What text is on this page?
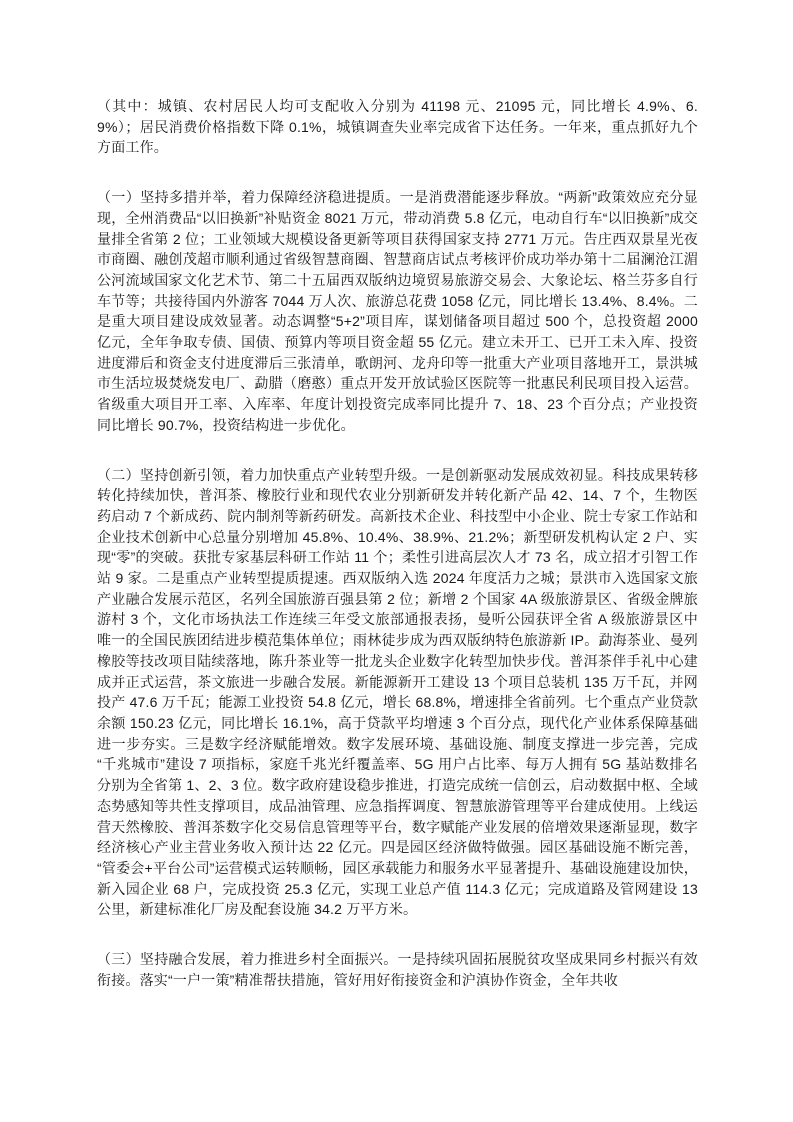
（其中：城镇、农村居民人均可支配收入分别为 41198 元、21095 元，同比增长 4.9%、6.9%）；居民消费价格指数下降 0.1%，城镇调查失业率完成省下达任务。一年来，重点抓好九个方面工作。

（一）坚持多措并举，着力保障经济稳进提质。一是消费潜能逐步释放。“两新”政策效应充分显现，全州消费品“以旧换新”补贴资金 8021 万元，带动消费 5.8 亿元，电动自行车“以旧换新”成交量排全省第 2 位；工业领域大规模设备更新等项目获得国家支持 2771 万元。告庄西双景星光夜市商圈、融创茂超市顺利通过省级智慧商圈、智慧商店试点考核评价成功举办第十二届澜沧江湄公河流域国家文化艺术节、第二十五届西双版纳边境贸易旅游交易会、大象论坛、格兰芬多自行车节等；共接待国内外游客 7044 万人次、旅游总花费 1058 亿元，同比增长 13.4%、8.4%。二是重大项目建设成效显著。动态调整“5+2”项目库，谋划储备项目超过 500 个，总投资超 2000 亿元，全年争取专债、国债、预算内等项目资金超 55 亿元。建立未开工、已开工未入库、投资进度滞后和资金支付进度滞后三张清单，歌朗河、龙舟印等一批重大产业项目落地开工，景洪城市生活垃圾焚烧发电厂、勐腊（磨憨）重点开发开放试验区医院等一批惠民利民项目投入运营。省级重大项目开工率、入库率、年度计划投资完成率同比提升 7、18、23 个百分点；产业投资同比增长 90.7%，投资结构进一步优化。

（二）坚持创新引领，着力加快重点产业转型升级。一是创新驱动发展成效初显。科技成果转移转化持续加快，普洱茶、橡胶行业和现代农业分别新研发并转化新产品 42、14、7 个，生物医药启动 7 个新成药、院内制剂等新药研发。高新技术企业、科技型中小企业、院士专家工作站和企业技术创新中心总量分别增加 45.8%、10.4%、38.9%、21.2%；新型研发机构认定 2 户、实现“零”的突破。获批专家基层科研工作站 11 个；柔性引进高层次人才 73 名，成立招才引智工作站 9 家。二是重点产业转型提质提速。西双版纳入选 2024 年度活力之城；景洪市入选国家文旅产业融合发展示范区，名列全国旅游百强县第 2 位；新增 2 个国家 4A 级旅游景区、省级金牌旅游村 3 个，文化市场执法工作连续三年受文旅部通报表扬，曼听公园获评全省 A 级旅游景区中唯一的全国民族团结进步模范集体单位；雨林徒步成为西双版纳特色旅游新 IP。勐海茶业、曼列橡胶等技改项目陆续落地，陈升茶业等一批龙头企业数字化转型加快步伐。普洱茶伴手礼中心建成并正式运营，茶文旅进一步融合发展。新能源新开工建设 13 个项目总装机 135 万千瓦，并网投产 47.6 万千瓦；能源工业投资 54.8 亿元，增长 68.8%，增速排全省前列。七个重点产业贷款余额 150.23 亿元，同比增长 16.1%，高于贷款平均增速 3 个百分点，现代化产业体系保障基础进一步夯实。三是数字经济赋能增效。数字发展环境、基础设施、制度支撑进一步完善，完成“千兆城市”建设 7 项指标，家庭千兆光纤覆盖率、5G 用户占比率、每万人拥有 5G 基站数排名分别为全省第 1、2、3 位。数字政府建设稳步推进，打造完成统一信创云，启动数据中枢、全域态势感知等共性支撑项目，成品油管理、应急指挥调度、智慧旅游管理等平台建成使用。上线运营天然橡胶、普洱茶数字化交易信息管理等平台，数字赋能产业发展的倍增效果逐渐显现，数字经济核心产业主营业务收入预计达 22 亿元。四是园区经济做特做强。园区基础设施不断完善，“管委会+平台公司”运营模式运转顺畅，园区承载能力和服务水平显著提升、基础设施建设加快，新入园企业 68 户，完成投资 25.3 亿元，实现工业总产值 114.3 亿元；完成道路及管网建设 13 公里，新建标准化厂房及配套设施 34.2 万平方米。

（三）坚持融合发展，着力推进乡村全面振兴。一是持续巩固拓展脱贫攻坚成果同乡村振兴有效衔接。落实“一户一策”精准帮扶措施，管好用好衔接资金和沪滇协作资金，全年共收
